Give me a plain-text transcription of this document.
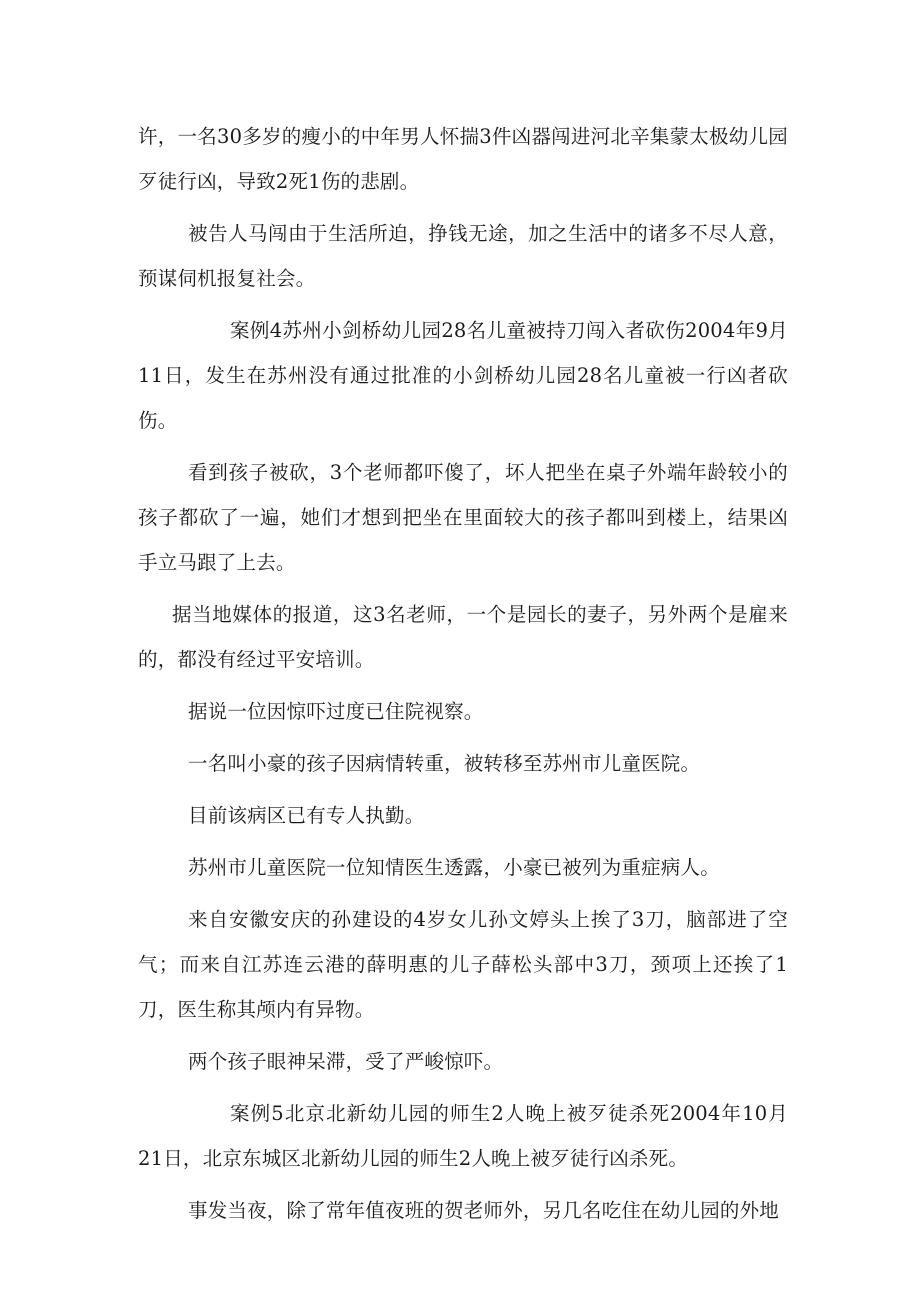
许，一名30多岁的瘦小的中年男人怀揣3件凶器闯进河北辛集蒙太极幼儿园歹徒行凶，导致2死1伤的悲剧。

被告人马闯由于生活所迫，挣钱无途，加之生活中的诸多不尽人意，预谋伺机报复社会。

案例4苏州小剑桥幼儿园28名儿童被持刀闯入者砍伤2004年9月11日，发生在苏州没有通过批准的小剑桥幼儿园28名儿童被一行凶者砍伤。

看到孩子被砍，3个老师都吓傻了，坏人把坐在桌子外端年龄较小的孩子都砍了一遍，她们才想到把坐在里面较大的孩子都叫到楼上，结果凶手立马跟了上去。

据当地媒体的报道，这3名老师，一个是园长的妻子，另外两个是雇来的，都没有经过平安培训。

据说一位因惊吓过度已住院视察。

一名叫小豪的孩子因病情转重，被转移至苏州市儿童医院。

目前该病区已有专人执勤。

苏州市儿童医院一位知情医生透露，小豪已被列为重症病人。

来自安徽安庆的孙建设的4岁女儿孙文婷头上挨了3刀，脑部进了空气；而来自江苏连云港的薛明惠的儿子薛松头部中3刀，颈项上还挨了1刀，医生称其颅内有异物。

两个孩子眼神呆滞，受了严峻惊吓。

案例5北京北新幼儿园的师生2人晚上被歹徒杀死2004年10月21日，北京东城区北新幼儿园的师生2人晚上被歹徒行凶杀死。

事发当夜，除了常年值夜班的贺老师外，另几名吃住在幼儿园的外地
